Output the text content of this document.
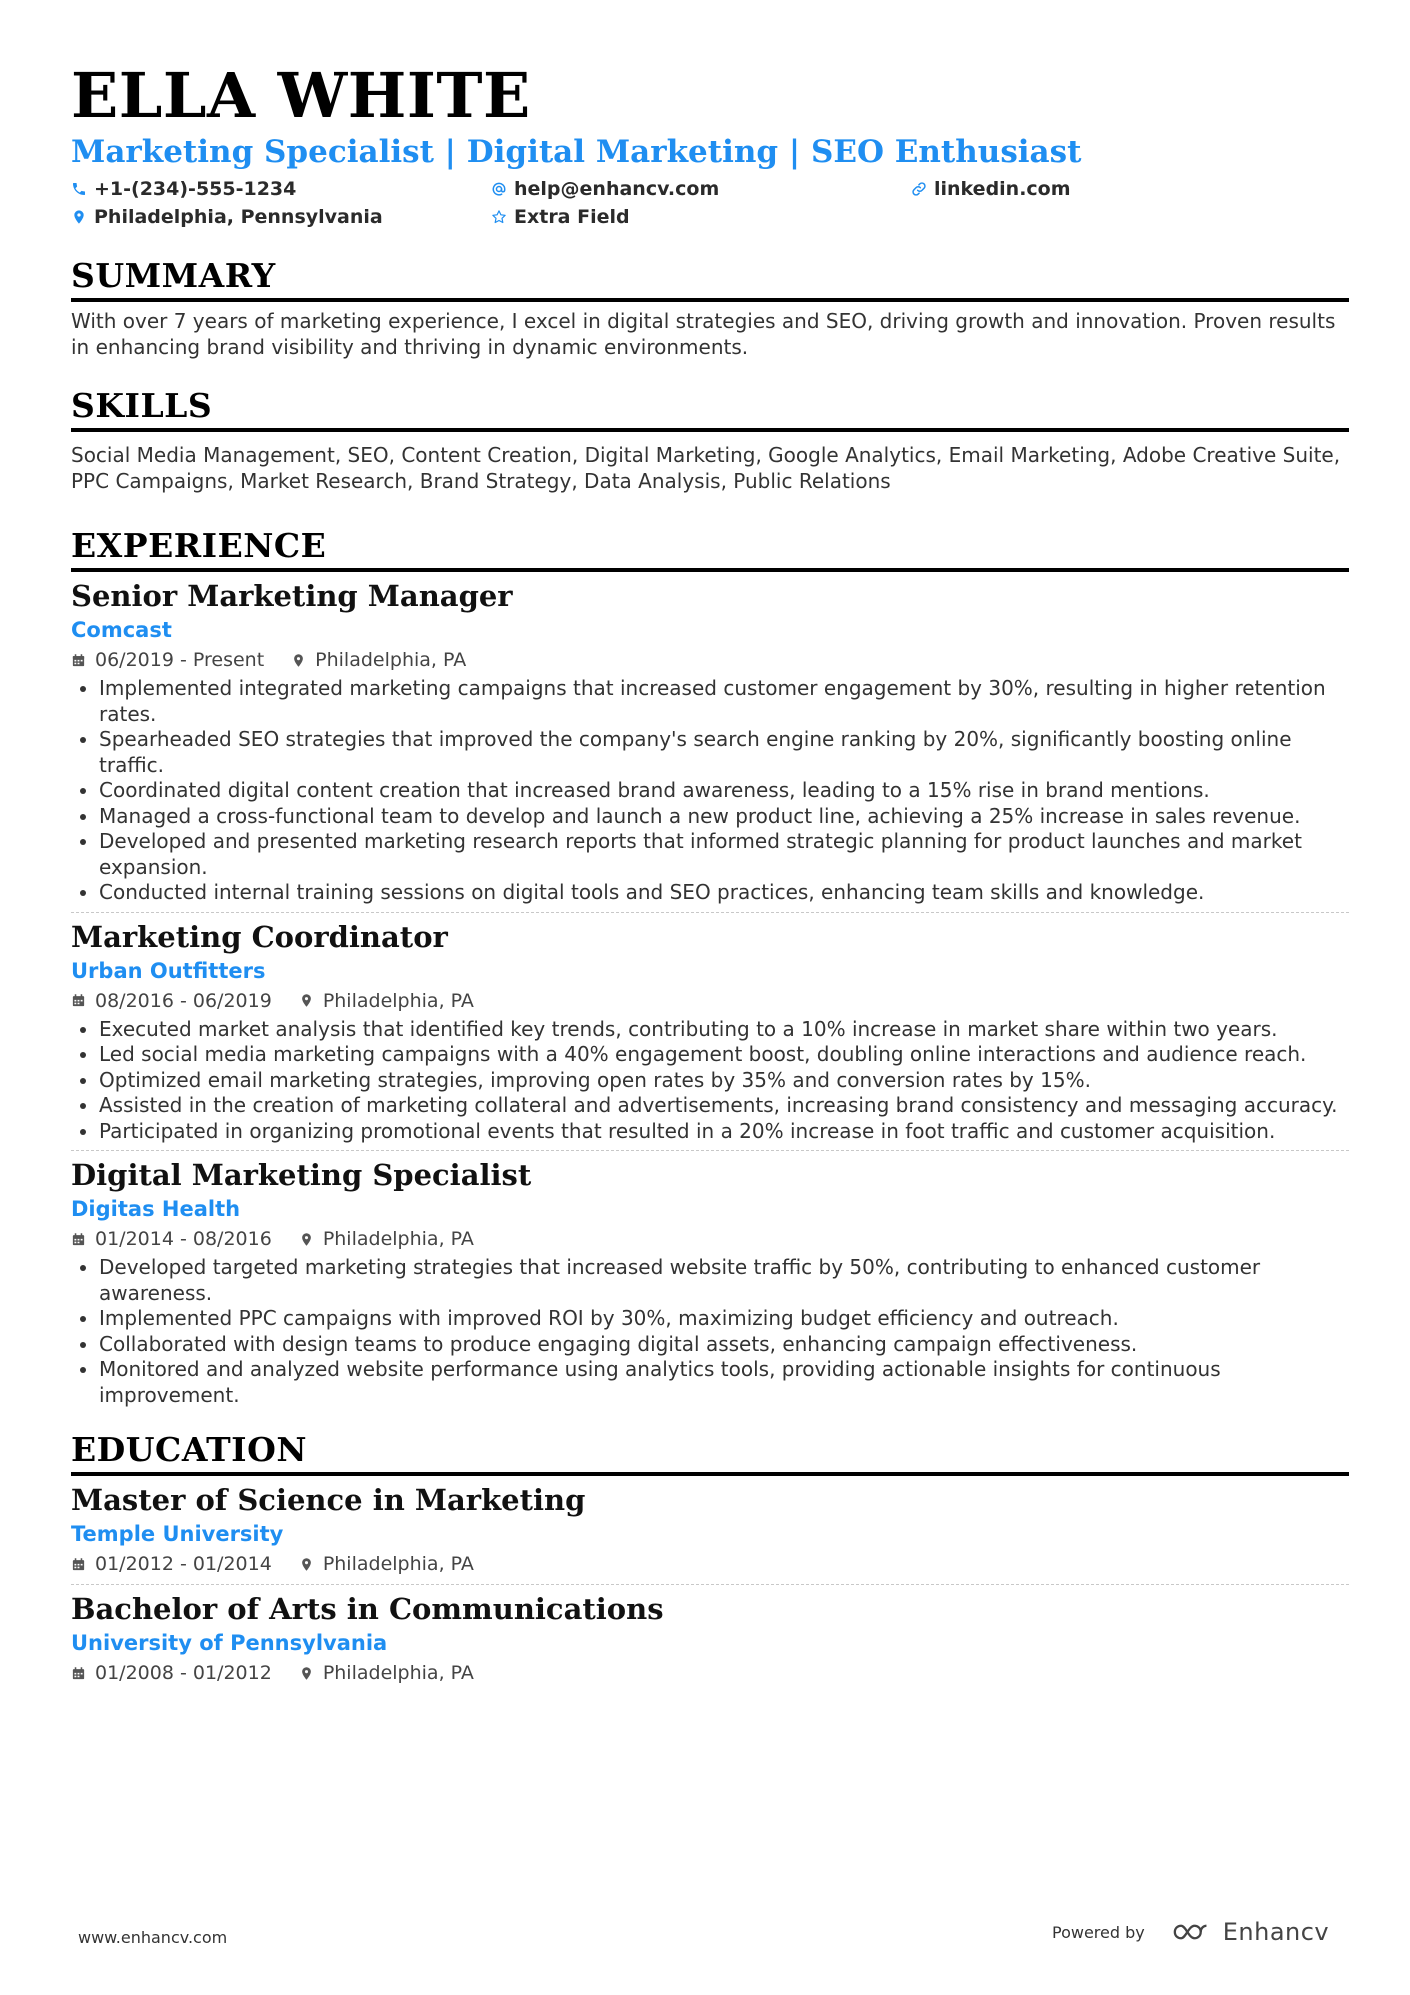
ELLA WHITE

Marketing Specialist | Digital Marketing | SEO Enthusiast

+1-(234)-555-1234	help@enhancv.com	linkedin.com
Philadelphia, Pennsylvania	Extra Field
SUMMARY

With over 7 years of marketing experience, I excel in digital strategies and SEO, driving growth and innovation. Proven results in enhancing brand visibility and thriving in dynamic environments.

SKILLS

Social Media Management, SEO, Content Creation, Digital Marketing, Google Analytics, Email Marketing, Adobe Creative Suite, PPC Campaigns, Market Research, Brand Strategy, Data Analysis, Public Relations

EXPERIENCE
Senior Marketing Manager
Comcast
06/2019 - Present	Philadelphia, PA
• Implemented integrated marketing campaigns that increased customer engagement by 30%, resulting in higher retention rates.
• Spearheaded SEO strategies that improved the company's search engine ranking by 20%, significantly boosting online traffic.
• Coordinated digital content creation that increased brand awareness, leading to a 15% rise in brand mentions.
• Managed a cross-functional team to develop and launch a new product line, achieving a 25% increase in sales revenue.
• Developed and presented marketing research reports that informed strategic planning for product launches and market expansion.
• Conducted internal training sessions on digital tools and SEO practices, enhancing team skills and knowledge.
Marketing Coordinator
Urban Outfitters
08/2016 - 06/2019	Philadelphia, PA
• Executed market analysis that identified key trends, contributing to a 10% increase in market share within two years.
• Led social media marketing campaigns with a 40% engagement boost, doubling online interactions and audience reach.
• Optimized email marketing strategies, improving open rates by 35% and conversion rates by 15%.
• Assisted in the creation of marketing collateral and advertisements, increasing brand consistency and messaging accuracy.
• Participated in organizing promotional events that resulted in a 20% increase in foot traffic and customer acquisition.
Digital Marketing Specialist
Digitas Health
01/2014 - 08/2016	Philadelphia, PA
• Developed targeted marketing strategies that increased website traffic by 50%, contributing to enhanced customer awareness.
• Implemented PPC campaigns with improved ROI by 30%, maximizing budget efficiency and outreach.
• Collaborated with design teams to produce engaging digital assets, enhancing campaign effectiveness.
• Monitored and analyzed website performance using analytics tools, providing actionable insights for continuous improvement.
EDUCATION
Master of Science in Marketing
Temple University
01/2012 - 01/2014	Philadelphia, PA
Bachelor of Arts in Communications
University of Pennsylvania
01/2008 - 01/2012	Philadelphia, PA
www.enhancv.com	Powered by	Enhancv
